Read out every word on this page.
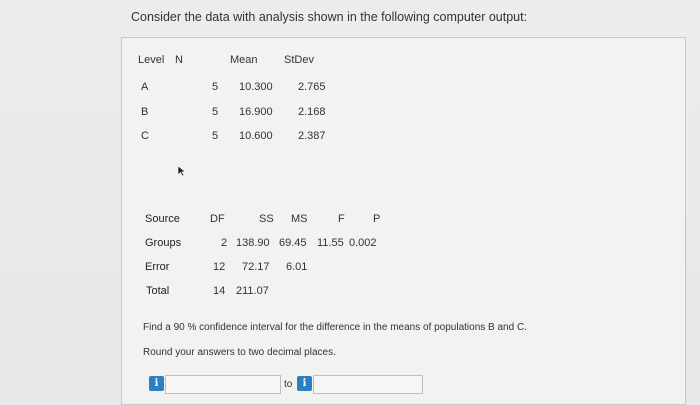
Consider the data with analysis shown in the following computer output:
Level N	Mean StDev
A	5 10.300 2.765
B	5 16.900 2.168
C	5 10.600 2.387
Source	DF	SS MS	F	P
Groups	2 138.90 69.45 11.55 0.002
Error	12 72.17 6.01
Total	14 211.07
Find a 90 % confidence interval for the difference in the means of populations B and C.
Round your answers to two decimal places.
i	to	i
